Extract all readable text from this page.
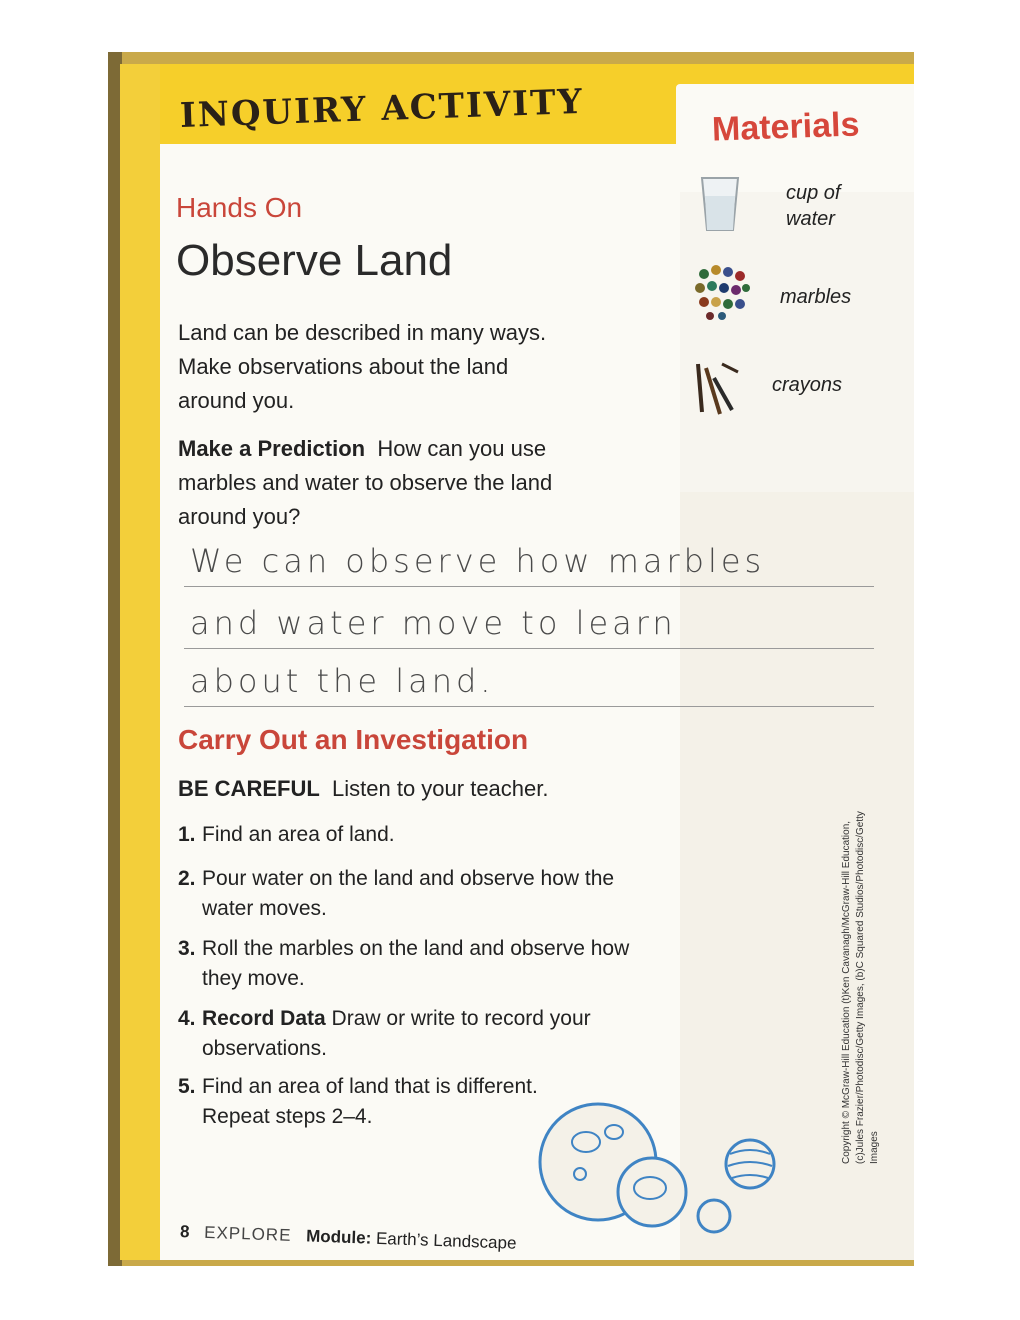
INQUIRY ACTIVITY	Materials
Hands On
Observe Land
Land can be described in many ways.
Make observations about the land
around you.
Make a Prediction How can you use
marbles and water to observe the land
around you?
We can observe how marbles
and water move to learn
about the land.
Carry Out an Investigation
BE CAREFUL Listen to your teacher.
1. Find an area of land.
2. Pour water on the land and observe how the
water moves.
3. Roll the marbles on the land and observe how
they move.
4. Record Data Draw or write to record your
observations.
5. Find an area of land that is different.
Repeat steps 2–4.
cup of
water
marbles
crayons
8 EXPLORE Module: Earth’s Landscape
Copyright © McGraw-Hill Education (t)Ken Cavanagh/McGraw-Hill Education, (c)Jules Frazier/Photodisc/Getty Images, (b)C Squared Studios/Photodisc/Getty Images
